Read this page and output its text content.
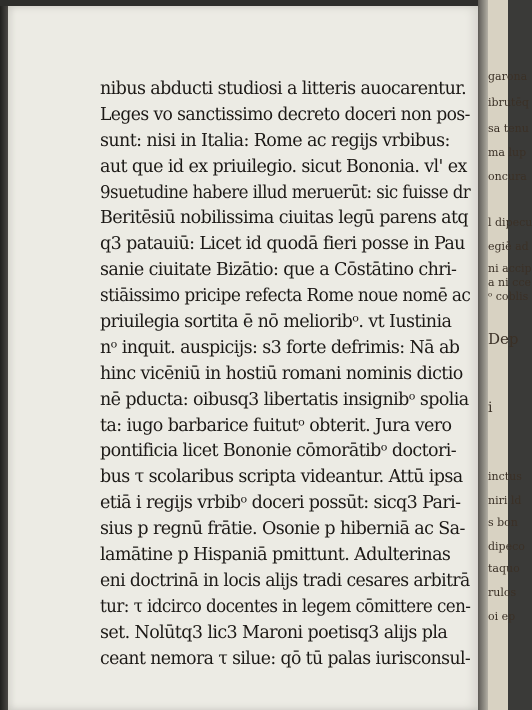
nibus abducti studiosi a litteris auocarentur.
Leges vo sanctissimo decreto doceri non pos-
sunt: nisi in Italia: Rome ac regijs vrbibus:
aut que id ex priuilegio. sicut Bononia. vl' ex
9suetudine habere illud meruerūt: sic fuisse dr
Beritēsiū nobilissima ciuitas legū parens atq
q3 patauiū: Licet id quodā fieri posse in Pau
sanie ciuitate Bizātio: que a Cōstātino chri-
stiāissimo pricipe refecta Rome noue nomē ac
priuilegia sortita ē nō melioribᵒ. vt Iustinia
nᵒ inquit. auspicijs: s3 forte defrimis: Nā ab
hinc vicēniū in hostiū romani nominis dictio
nē pducta: oibusq3 libertatis insignibᵒ spolia
ta: iugo barbarice fuitutᵒ obterit. Jura vero
pontificia licet Bononie cōmorātibᵒ doctori-
bus τ scolaribus scripta videantur. Attū ipsa
etiā i regijs vrbibᵒ doceri possūt: sicq3 Pari-
sius p regnū frātie. Osonie p hiberniā ac Sa-
lamātine p Hispaniā pmittunt. Adulterinas
eni doctrinā in locis alijs tradi cesares arbitrā
tur: τ idcirco docentes in legem cōmittere cen-
set. Nolūtq3 lic3 Maroni poetisq3 alijs pla
ceant nemora τ silue: qō tū palas iurisconsul-
garona
ibrutēq
sa tenu
ma lup
oncura
l dipecu
egiē ad
ni accip
a ni cce
ᵒ coblis
Dep
i
inctus
niri ld
s bon
dipeco
taquo
rulos
oi ep
